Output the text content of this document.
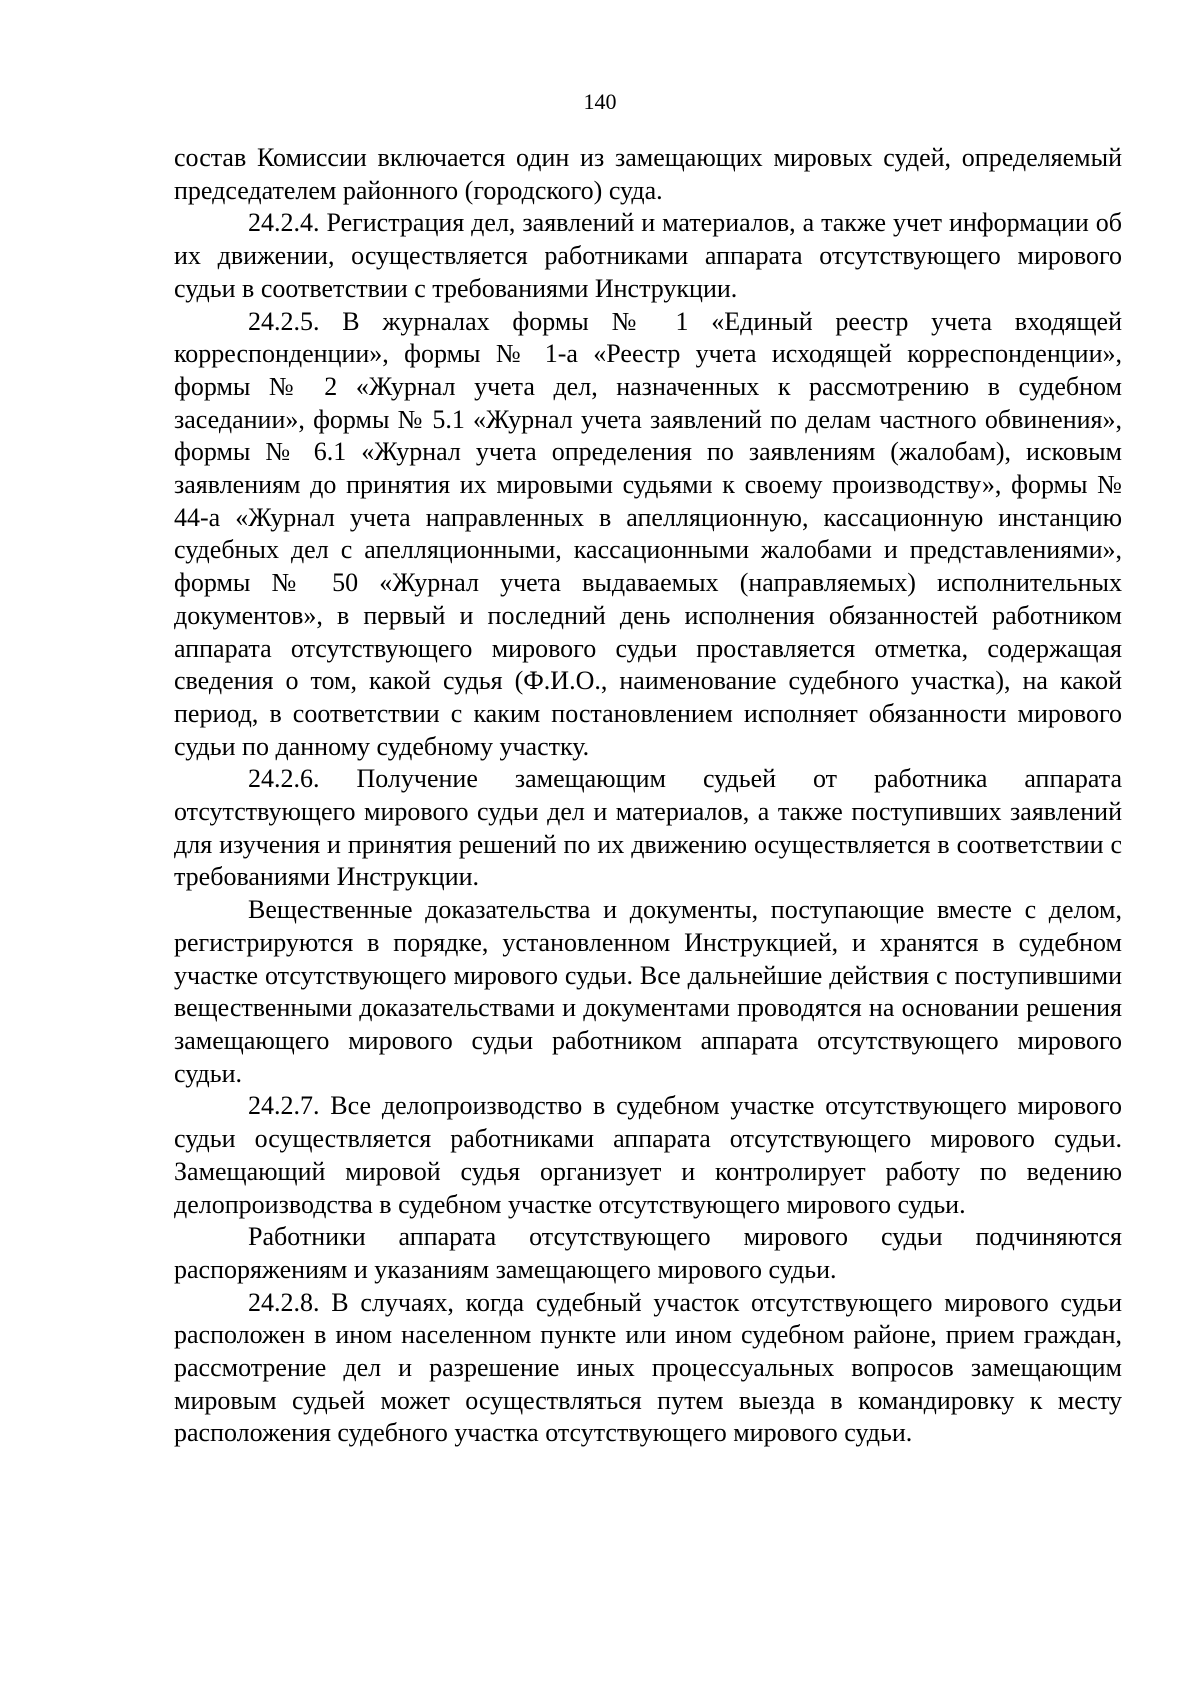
140

состав Комиссии включается один из замещающих мировых судей, определяемый председателем районного (городского) суда.

24.2.4. Регистрация дел, заявлений и материалов, а также учет информации об их движении, осуществляется работниками аппарата отсутствующего мирового судьи в соответствии с требованиями Инструкции.

24.2.5. В журналах формы № 1 «Единый реестр учета входящей корреспонденции», формы № 1-а «Реестр учета исходящей корреспонденции», формы № 2 «Журнал учета дел, назначенных к рассмотрению в судебном заседании», формы № 5.1 «Журнал учета заявлений по делам частного обвинения», формы № 6.1 «Журнал учета определения по заявлениям (жалобам), исковым заявлениям до принятия их мировыми судьями к своему производству», формы № 44-а «Журнал учета направленных в апелляционную, кассационную инстанцию судебных дел с апелляционными, кассационными жалобами и представлениями», формы № 50 «Журнал учета выдаваемых (направляемых) исполнительных документов», в первый и последний день исполнения обязанностей работником аппарата отсутствующего мирового судьи проставляется отметка, содержащая сведения о том, какой судья (Ф.И.О., наименование судебного участка), на какой период, в соответствии с каким постановлением исполняет обязанности мирового судьи по данному судебному участку.

24.2.6. Получение замещающим судьей от работника аппарата отсутствующего мирового судьи дел и материалов, а также поступивших заявлений для изучения и принятия решений по их движению осуществляется в соответствии с требованиями Инструкции.

Вещественные доказательства и документы, поступающие вместе с делом, регистрируются в порядке, установленном Инструкцией, и хранятся в судебном участке отсутствующего мирового судьи. Все дальнейшие действия с поступившими вещественными доказательствами и документами проводятся на основании решения замещающего мирового судьи работником аппарата отсутствующего мирового судьи.

24.2.7. Все делопроизводство в судебном участке отсутствующего мирового судьи осуществляется работниками аппарата отсутствующего мирового судьи. Замещающий мировой судья организует и контролирует работу по ведению делопроизводства в судебном участке отсутствующего мирового судьи.

Работники аппарата отсутствующего мирового судьи подчиняются распоряжениям и указаниям замещающего мирового судьи.

24.2.8. В случаях, когда судебный участок отсутствующего мирового судьи расположен в ином населенном пункте или ином судебном районе, прием граждан, рассмотрение дел и разрешение иных процессуальных вопросов замещающим мировым судьей может осуществляться путем выезда в командировку к месту расположения судебного участка отсутствующего мирового судьи.
